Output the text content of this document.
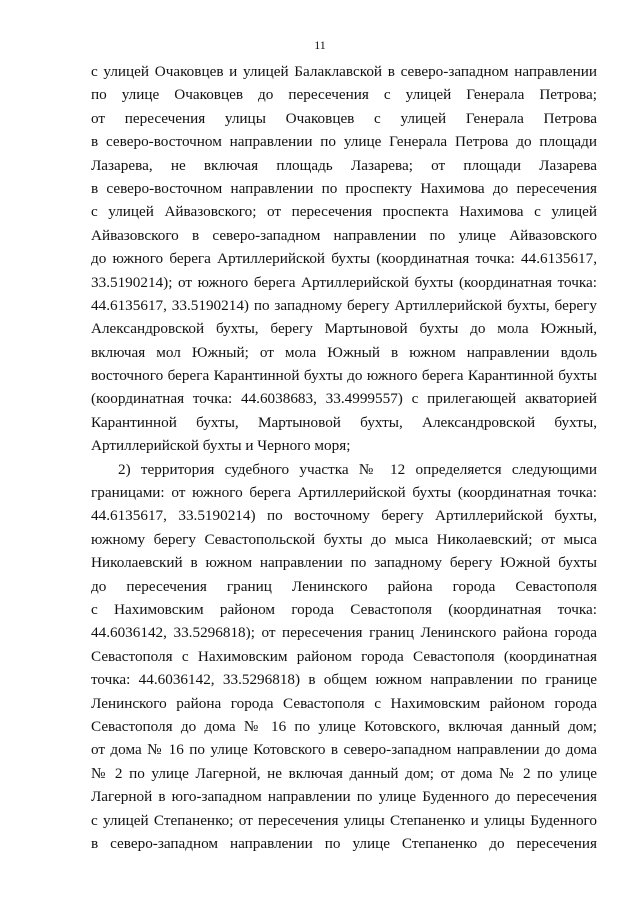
11
с улицей Очаковцев и улицей Балаклавской в северо-западном направлении
по улице Очаковцев до пересечения с улицей Генерала Петрова;
от пересечения улицы Очаковцев с улицей Генерала Петрова
в северо-восточном направлении по улице Генерала Петрова до площади
Лазарева, не включая площадь Лазарева; от площади Лазарева
в северо-восточном направлении по проспекту Нахимова до пересечения
с улицей Айвазовского; от пересечения проспекта Нахимова с улицей
Айвазовского в северо-западном направлении по улице Айвазовского
до южного берега Артиллерийской бухты (координатная точка: 44.6135617,
33.5190214); от южного берега Артиллерийской бухты (координатная точка:
44.6135617, 33.5190214) по западному берегу Артиллерийской бухты, берегу
Александровской бухты, берегу Мартыновой бухты до мола Южный,
включая мол Южный; от мола Южный в южном направлении вдоль
восточного берега Карантинной бухты до южного берега Карантинной бухты
(координатная точка: 44.6038683, 33.4999557) с прилегающей акваторией
Карантинной бухты, Мартыновой бухты, Александровской бухты,
Артиллерийской бухты и Черного моря;
2) территория судебного участка № 12 определяется следующими
границами: от южного берега Артиллерийской бухты (координатная точка:
44.6135617, 33.5190214) по восточному берегу Артиллерийской бухты,
южному берегу Севастопольской бухты до мыса Николаевский; от мыса
Николаевский в южном направлении по западному берегу Южной бухты
до пересечения границ Ленинского района города Севастополя
с Нахимовским районом города Севастополя (координатная точка:
44.6036142, 33.5296818); от пересечения границ Ленинского района города
Севастополя с Нахимовским районом города Севастополя (координатная
точка: 44.6036142, 33.5296818) в общем южном направлении по границе
Ленинского района города Севастополя с Нахимовским районом города
Севастополя до дома № 16 по улице Котовского, включая данный дом;
от дома № 16 по улице Котовского в северо-западном направлении до дома
№ 2 по улице Лагерной, не включая данный дом; от дома № 2 по улице
Лагерной в юго-западном направлении по улице Буденного до пересечения
с улицей Степаненко; от пересечения улицы Степаненко и улицы Буденного
в северо-западном направлении по улице Степаненко до пересечения
